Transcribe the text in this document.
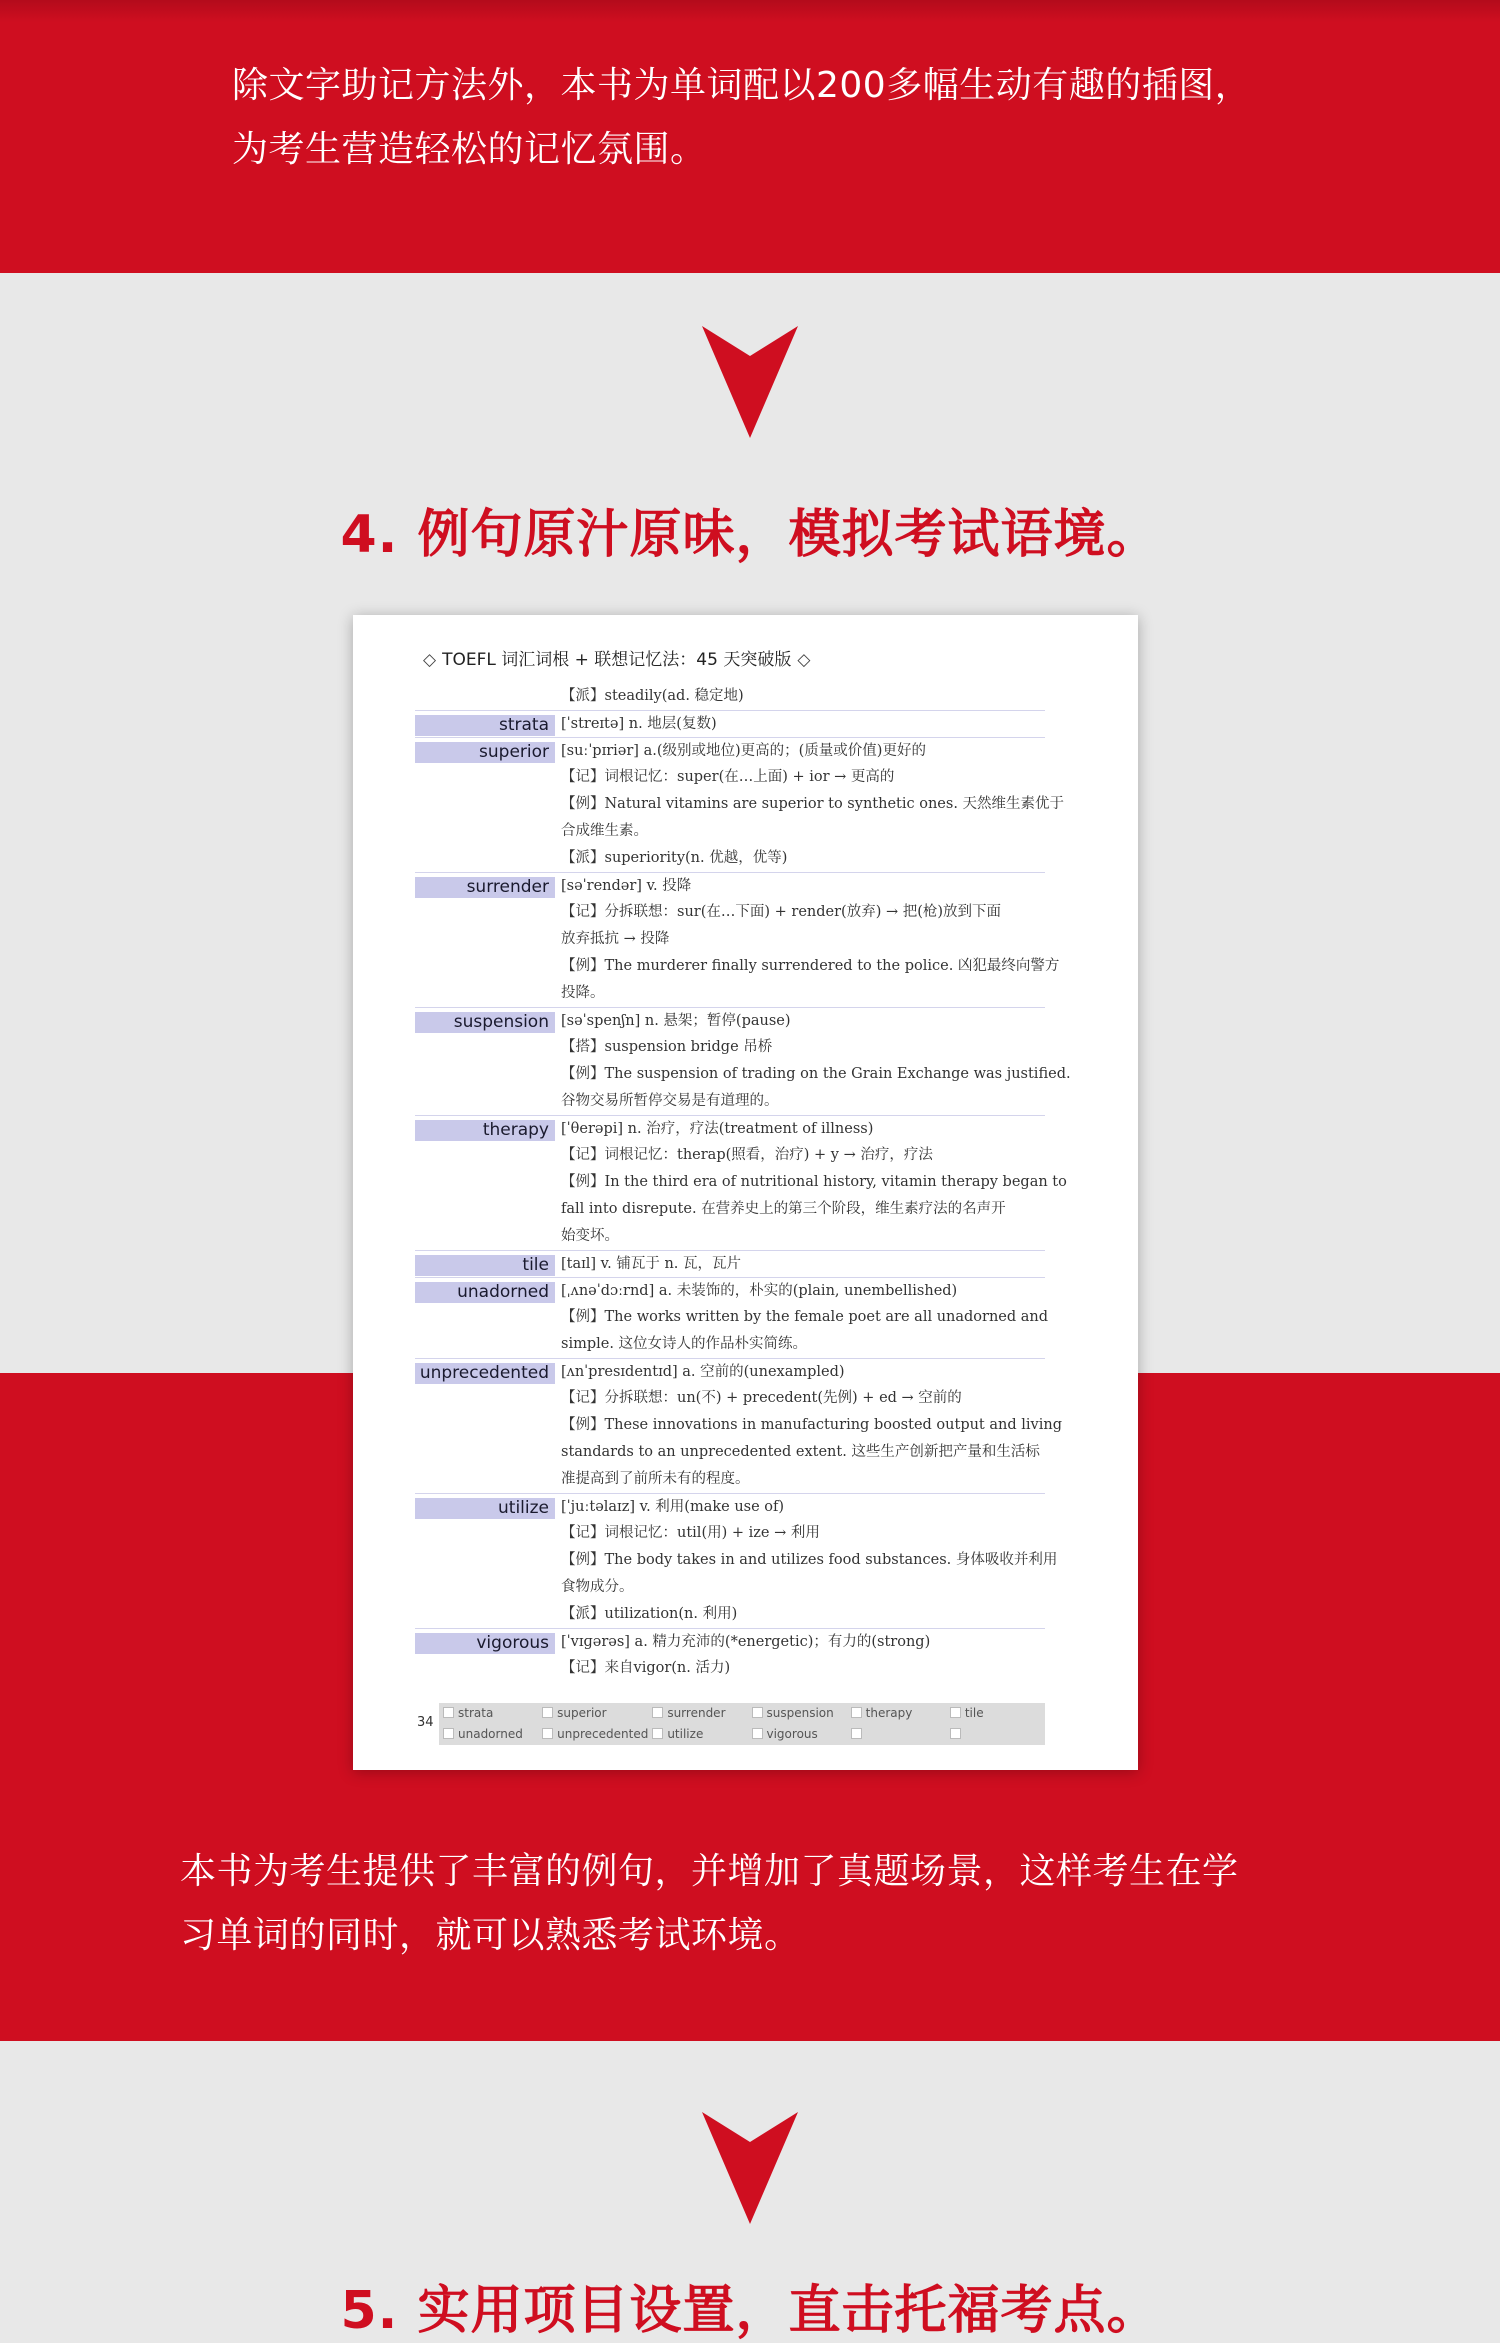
除文字助记方法外，本书为单词配以200多幅生动有趣的插图，
为考生营造轻松的记忆氛围。
4. 例句原汁原味，模拟考试语境。
本书为考生提供了丰富的例句，并增加了真题场景，这样考生在学
习单词的同时，就可以熟悉考试环境。
◇ TOEFL 词汇词根 + 联想记忆法：45 天突破版 ◇
【派】steadily(ad. 稳定地)
strata [ˈstreɪtə] n. 地层(复数)
superior [suːˈpɪriər] a.(级别或地位)更高的；(质量或价值)更好的
【记】词根记忆：super(在…上面) + ior → 更高的
【例】Natural vitamins are superior to synthetic ones. 天然维生素优于
合成维生素。
【派】superiority(n. 优越，优等)
surrender [səˈrendər] v. 投降
【记】分拆联想：sur(在…下面) + render(放弃) → 把(枪)放到下面
放弃抵抗 → 投降
【例】The murderer finally surrendered to the police. 凶犯最终向警方
投降。
suspension [səˈspenʃn] n. 悬架；暂停(pause)
【搭】suspension bridge 吊桥
【例】The suspension of trading on the Grain Exchange was justified.
谷物交易所暂停交易是有道理的。
therapy [ˈθerəpi] n. 治疗，疗法(treatment of illness)
【记】词根记忆：therap(照看，治疗) + y → 治疗，疗法
【例】In the third era of nutritional history, vitamin therapy began to
fall into disrepute. 在营养史上的第三个阶段，维生素疗法的名声开
始变坏。
tile [taɪl] v. 铺瓦于 n. 瓦，瓦片
unadorned [ˌʌnəˈdɔːrnd] a. 未装饰的，朴实的(plain, unembellished)
【例】The works written by the female poet are all unadorned and
simple. 这位女诗人的作品朴实简练。
unprecedented [ʌnˈpresɪdentɪd] a. 空前的(unexampled)
【记】分拆联想：un(不) + precedent(先例) + ed → 空前的
【例】These innovations in manufacturing boosted output and living
standards to an unprecedented extent. 这些生产创新把产量和生活标
准提高到了前所未有的程度。
utilize [ˈjuːtəlaɪz] v. 利用(make use of)
【记】词根记忆：util(用) + ize → 利用
【例】The body takes in and utilizes food substances. 身体吸收并利用
食物成分。
【派】utilization(n. 利用)
vigorous [ˈvɪɡərəs] a. 精力充沛的(*energetic)；有力的(strong)
【记】来自vigor(n. 活力)
34
strata	superior	surrender	suspension	therapy	tile
unadorned	unprecedented	utilize	vigorous
5. 实用项目设置，直击托福考点。
